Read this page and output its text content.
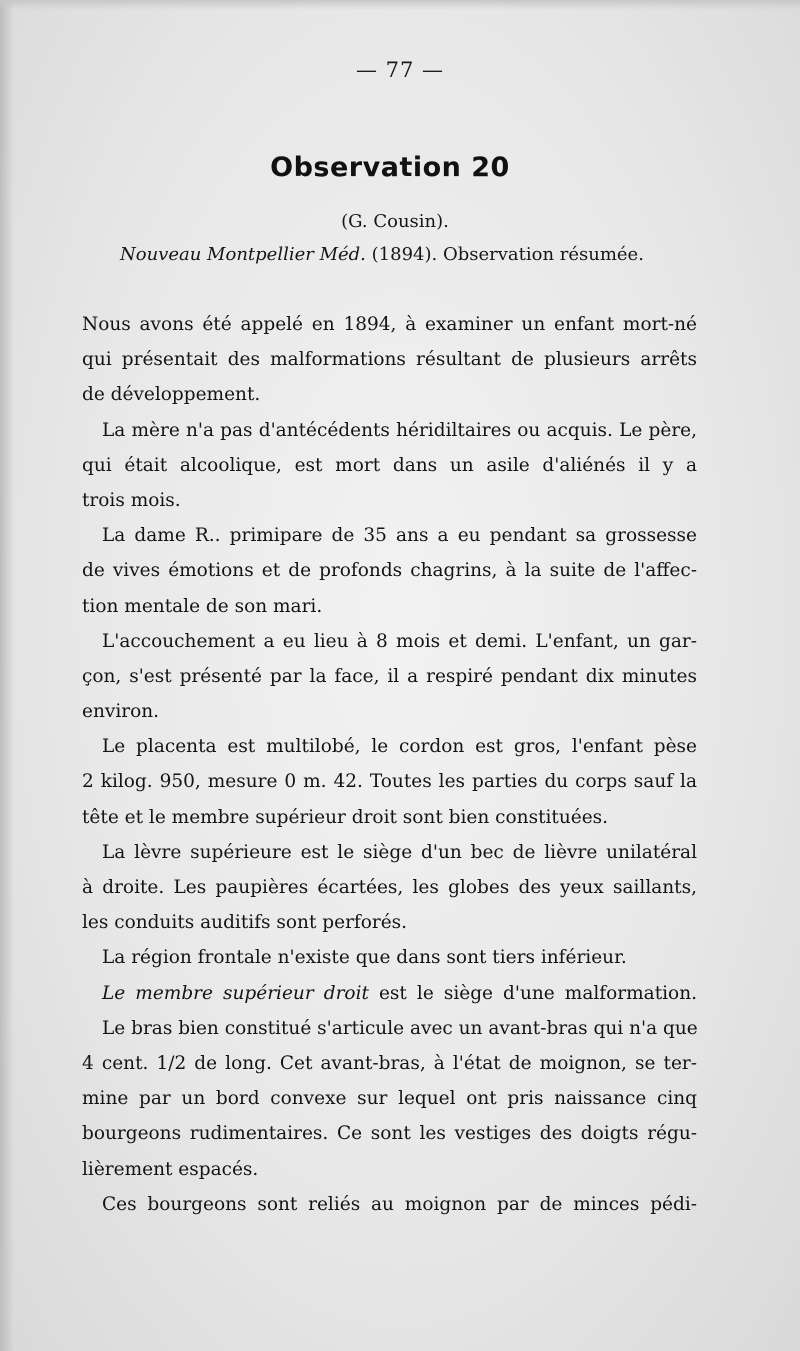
— 77 —
Observation 20
(G. Cousin).
Nouveau Montpellier Méd. (1894). Observation résumée.
Nous avons été appelé en 1894, à examiner un enfant mort-né
qui présentait des malformations résultant de plusieurs arrêts
de développement.
La mère n'a pas d'antécédents héridiltaires ou acquis. Le père,
qui était alcoolique, est mort dans un asile d'aliénés il y a
trois mois.
La dame R.. primipare de 35 ans a eu pendant sa grossesse
de vives émotions et de profonds chagrins, à la suite de l'affec-
tion mentale de son mari.
L'accouchement a eu lieu à 8 mois et demi. L'enfant, un gar-
çon, s'est présenté par la face, il a respiré pendant dix minutes
environ.
Le placenta est multilobé, le cordon est gros, l'enfant pèse
2 kilog. 950, mesure 0 m. 42. Toutes les parties du corps sauf la
tête et le membre supérieur droit sont bien constituées.
La lèvre supérieure est le siège d'un bec de lièvre unilatéral
à droite. Les paupières écartées, les globes des yeux saillants,
les conduits auditifs sont perforés.
La région frontale n'existe que dans sont tiers inférieur.
Le membre supérieur droit est le siège d'une malformation.
Le bras bien constitué s'articule avec un avant-bras qui n'a que
4 cent. 1/2 de long. Cet avant-bras, à l'état de moignon, se ter-
mine par un bord convexe sur lequel ont pris naissance cinq
bourgeons rudimentaires. Ce sont les vestiges des doigts régu-
lièrement espacés.
Ces bourgeons sont reliés au moignon par de minces pédi-
